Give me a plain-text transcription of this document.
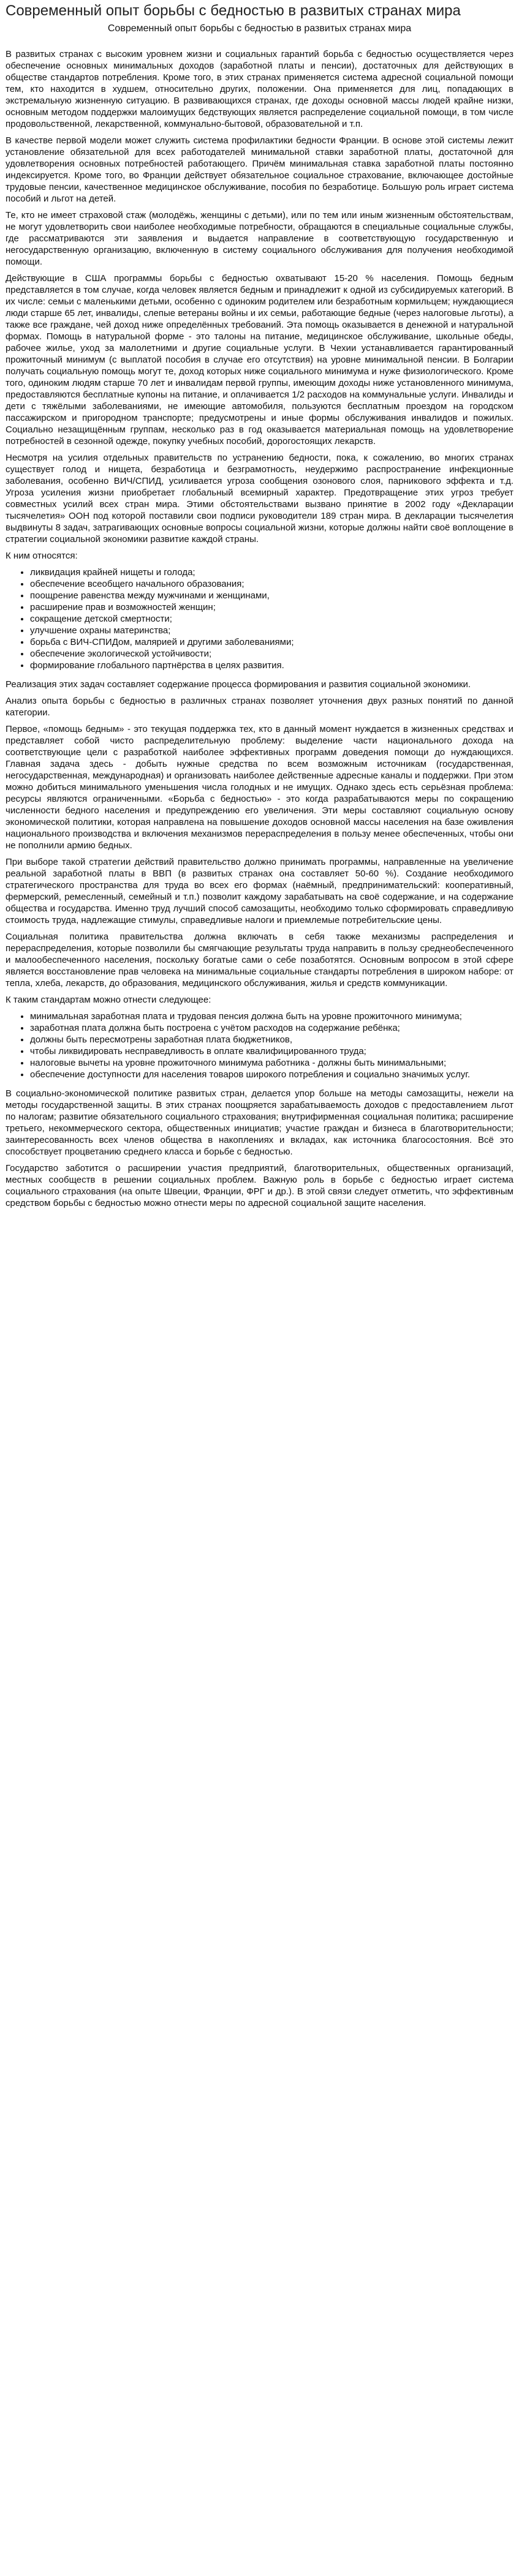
Современный опыт борьбы с бедностью в развитых странах мира
Современный опыт борьбы с бедностью в развитых странах мира

В развитых странах с высоким уровнем жизни и социальных гарантий борьба с бедностью осуществляется через обеспечение основных минимальных доходов (заработной платы и пенсии), достаточных для действующих в обществе стандартов потребления. Кроме того, в этих странах применяется система адресной социальной помощи тем, кто находится в худшем, относительно других, положении. Она применяется для лиц, попадающих в экстремальную жизненную ситуацию. В развивающихся странах, где доходы основной массы людей крайне низки, основным методом поддержки малоимущих бедствующих является распределение социальной помощи, в том числе продовольственной, лекарственной, коммунально-бытовой, образовательной и т.п.

В качестве первой модели может служить система профилактики бедности Франции. В основе этой системы лежит установление обязательной для всех работодателей минимальной ставки заработной платы, достаточной для удовлетворения основных потребностей работающего. Причём минимальная ставка заработной платы постоянно индексируется. Кроме того, во Франции действует обязательное социальное страхование, включающее достойные трудовые пенсии, качественное медицинское обслуживание, пособия по безработице. Большую роль играет система пособий и льгот на детей.

Те, кто не имеет страховой стаж (молодёжь, женщины с детьми), или по тем или иным жизненным обстоятельствам, не могут удовлетворить свои наиболее необходимые потребности, обращаются в специальные социальные службы, где рассматриваются эти заявления и выдается направление в соответствующую государственную и негосударственную организацию, включенную в систему социального обслуживания для получения необходимой помощи.

Действующие в США программы борьбы с бедностью охватывают 15-20 % населения. Помощь бедным представляется в том случае, когда человек является бедным и принадлежит к одной из субсидируемых категорий. В их числе: семьи с маленькими детьми, особенно с одиноким родителем или безработным кормильцем; нуждающиеся люди старше 65 лет, инвалиды, слепые ветераны войны и их семьи, работающие бедные (через налоговые льготы), а также все граждане, чей доход ниже определённых требований. Эта помощь оказывается в денежной и натуральной формах. Помощь в натуральной форме - это талоны на питание, медицинское обслуживание, школьные обеды, рабочее жилье, уход за малолетними и другие социальные услуги. В Чехии устанавливается гарантированный прожиточный минимум (с выплатой пособия в случае его отсутствия) на уровне минимальной пенсии. В Болгарии получать социальную помощь могут те, доход которых ниже социального минимума и нуже физиологического. Кроме того, одиноким людям старше 70 лет и инвалидам первой группы, имеющим доходы ниже установленного минимума, предоставляются бесплатные купоны на питание, и оплачивается 1/2 расходов на коммунальные услуги. Инвалиды и дети с тяжёлыми заболеваниями, не имеющие автомобиля, пользуются бесплатным проездом на городском пассажирском и пригородном транспорте; предусмотрены и иные формы обслуживания инвалидов и пожилых. Социально незащищённым группам, несколько раз в год оказывается материальная помощь на удовлетворение потребностей в сезонной одежде, покупку учебных пособий, дорогостоящих лекарств.

Несмотря на усилия отдельных правительств по устранению бедности, пока, к сожалению, во многих странах существует голод и нищета, безработица и безграмотность, неудержимо распространение инфекционные заболевания, особенно ВИЧ/СПИД, усиливается угроза сообщения озонового слоя, парникового эффекта и т.д. Угроза усиления жизни приобретает глобальный всемирный характер. Предотвращение этих угроз требует совместных усилий всех стран мира. Этими обстоятельствами вызвано принятие в 2002 году «Декларации тысячелетия» ООН под которой поставили свои подписи руководители 189 стран мира. В декларации тысячелетия выдвинуты 8 задач, затрагивающих основные вопросы социальной жизни, которые должны найти своё воплощение в стратегии социальной экономики развитие каждой страны.

К ним относятся:

• ликвидация крайней нищеты и голода;
• обеспечение всеобщего начального образования;
• поощрение равенства между мужчинами и женщинами,
• расширение прав и возможностей женщин;
• сокращение детской смертности;
• улучшение охраны материнства;
• борьба с ВИЧ-СПИДом, малярией и другими заболеваниями;
• обеспечение экологической устойчивости;
• формирование глобального партнёрства в целях развития.

Реализация этих задач составляет содержание процесса формирования и развития социальной экономики.

Анализ опыта борьбы с бедностью в различных странах позволяет уточнения двух разных понятий по данной категории.

Первое, «помощь бедным» - это текущая поддержка тех, кто в данный момент нуждается в жизненных средствах и представляет собой чисто распределительную проблему: выделение части национального дохода на соответствующие цели с разработкой наиболее эффективных программ доведения помощи до нуждающихся. Главная задача здесь - добыть нужные средства по всем возможным источникам (государственная, негосударственная, международная) и организовать наиболее действенные адресные каналы и поддержки. При этом можно добиться минимального уменьшения числа голодных и не имущих. Однако здесь есть серьёзная проблема: ресурсы являются ограниченными. «Борьба с бедностью» - это когда разрабатываются меры по сокращению численности бедного населения и предупреждению его увеличения. Эти меры составляют социальную основу экономической политики, которая направлена на повышение доходов основной массы населения на базе оживления национального производства и включения механизмов перераспределения в пользу менее обеспеченных, чтобы они не пополнили армию бедных.

При выборе такой стратегии действий правительство должно принимать программы, направленные на увеличение реальной заработной платы в ВВП (в развитых странах она составляет 50-60 %). Создание необходимого стратегического пространства для труда во всех его формах (наёмный, предпринимательский: кооперативный, фермерский, ремесленный, семейный и т.п.) позволит каждому зарабатывать на своё содержание, и на содержание общества и государства. Именно труд лучший способ самозащиты, необходимо только сформировать справедливую стоимость труда, надлежащие стимулы, справедливые налоги и приемлемые потребительские цены.

Социальная политика правительства должна включать в себя также механизмы распределения и перераспределения, которые позволили бы смягчающие результаты труда направить в пользу среднеобеспеченного и малообеспеченного населения, поскольку богатые сами о себе позаботятся. Основным вопросом в этой сфере является восстановление прав человека на минимальные социальные стандарты потребления в широком наборе: от тепла, хлеба, лекарств, до образования, медицинского обслуживания, жилья и средств коммуникации.

К таким стандартам можно отнести следующее:

• минимальная заработная плата и трудовая пенсия должна быть на уровне прожиточного минимума;
• заработная плата должна быть построена с учётом расходов на содержание ребёнка;
• должны быть пересмотрены заработная плата бюджетников,
• чтобы ликвидировать несправедливость в оплате квалифицированного труда;
• налоговые вычеты на уровне прожиточного минимума работника - должны быть минимальными;
• обеспечение доступности для населения товаров широкого потребления и социально значимых услуг.

В социально-экономической политике развитых стран, делается упор больше на методы самозащиты, нежели на методы государственной защиты. В этих странах поощряется зарабатываемость доходов с предоставлением льгот по налогам; развитие обязательного социального страхования; внутрифирменная социальная политика; расширение третьего, некоммерческого сектора, общественных инициатив; участие граждан и бизнеса в благотворительности; заинтересованность всех членов общества в накоплениях и вкладах, как источника благосостояния. Всё это способствует процветанию среднего класса и борьбе с бедностью.

Государство заботится о расширении участия предприятий, благотворительных, общественных организаций, местных сообществ в решении социальных проблем. Важную роль в борьбе с бедностью играет система социального страхования (на опыте Швеции, Франции, ФРГ и др.). В этой связи следует отметить, что эффективным средством борьбы с бедностью можно отнести меры по адресной социальной защите населения.
